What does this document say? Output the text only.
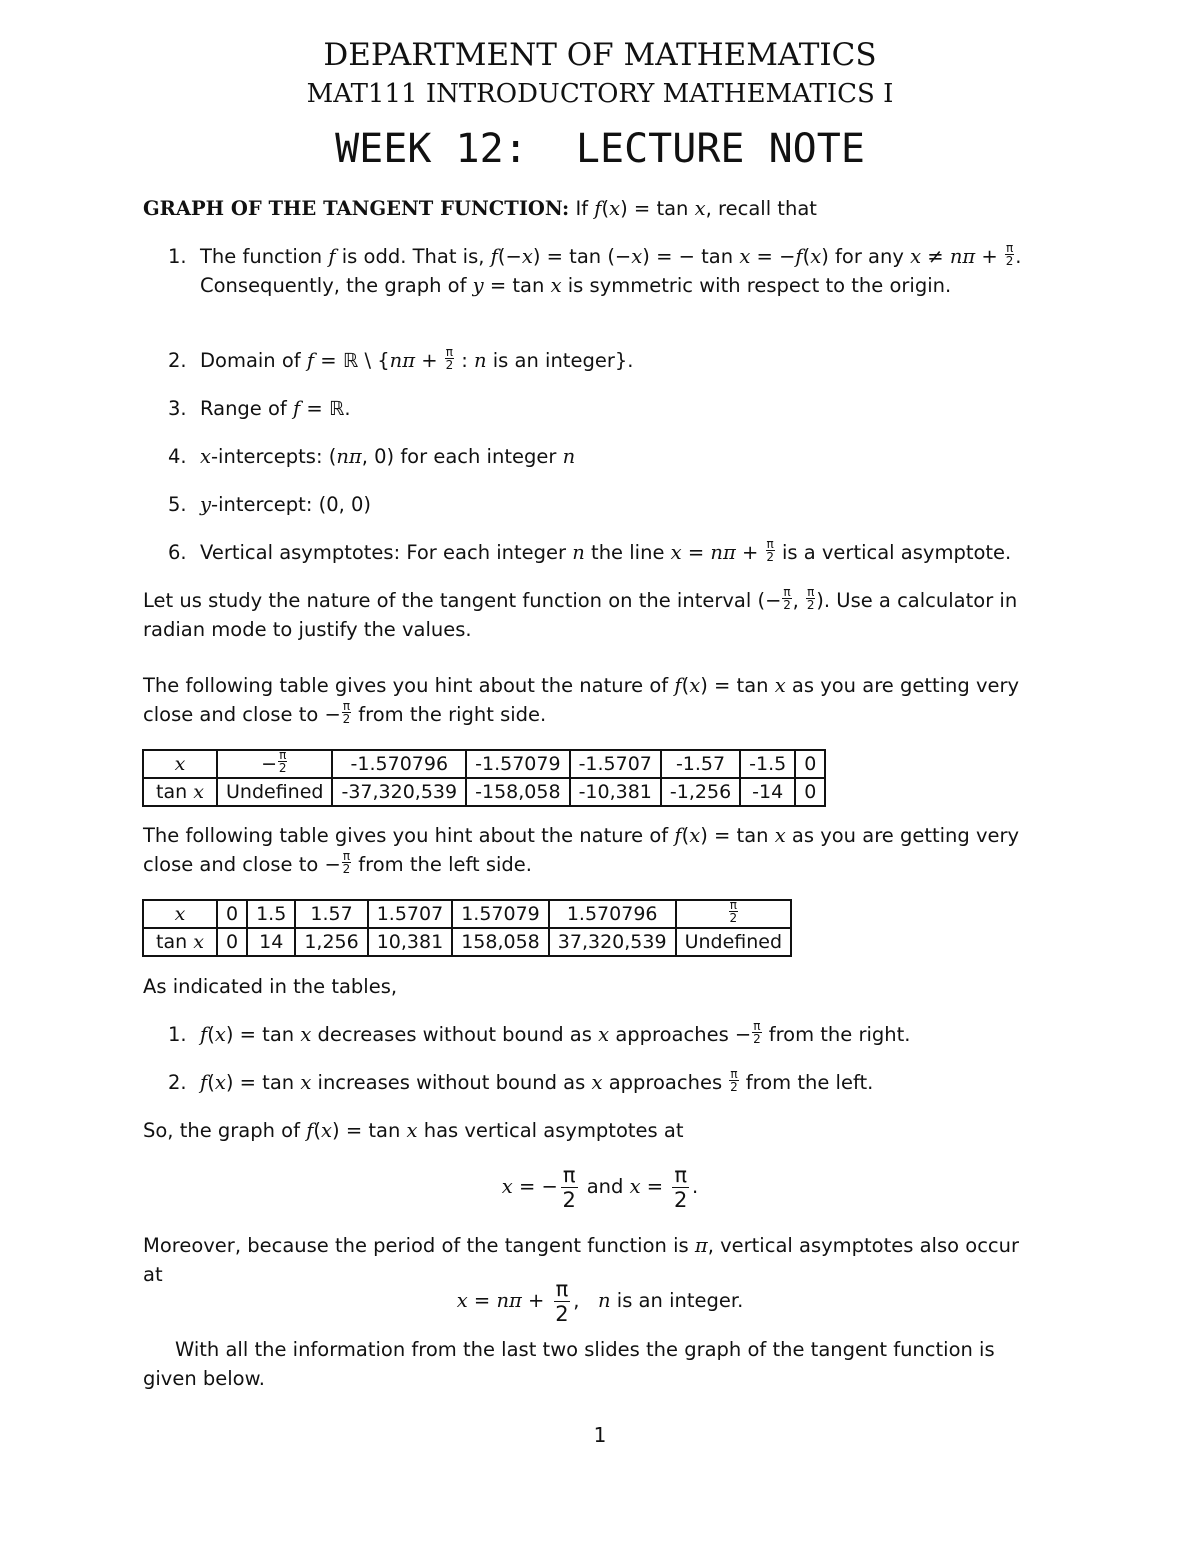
DEPARTMENT OF MATHEMATICS
MAT111 INTRODUCTORY MATHEMATICS I
WEEK 12:  LECTURE NOTE
GRAPH OF THE TANGENT FUNCTION: If f(x) = tan x, recall that
1. The function f is odd. That is, f(−x) = tan (−x) = − tan x = −f(x) for any $x \ne n\pi + \frac{\pi}{2}$ . Consequently, the graph of y = tan x is symmetric with respect to the origin.
2. Domain of f = ℝ \ {$n\pi + \frac{\pi}{2}$ : n is an integer}.
3. Range of f = ℝ.
4. x-intercepts: (nπ, 0) for each integer n
5. y-intercept: (0, 0)
6. Vertical asymptotes: For each integer n the line $x = n\pi + \frac{\pi}{2}$ is a vertical asymptote.
Let us study the nature of the tangent function on the interval (− $\frac{\pi}{2}$ , $\frac{\pi}{2}$ ). Use a calculator in radian mode to justify the values.
The following table gives you hint about the nature of f(x) = tan x as you are getting very close and close to − $\frac{\pi}{2}$ from the right side.
x	− $\frac{\pi}{2}$	-1.570796	-1.57079	-1.5707	-1.57	-1.5	0
tan x	Undefined	-37,320,539	-158,058	-10,381	-1,256	-14	0
The following table gives you hint about the nature of f(x) = tan x as you are getting very close and close to − $\frac{\pi}{2}$ from the left side.
x	0	1.5	1.57	1.5707	1.57079	1.570796	$\frac{\pi}{2}$

tan x	0	14	1,256	10,381	158,058	37,320,539	Undefined
As indicated in the tables,
1. f(x) = tan x decreases without bound as x approaches − $\frac{\pi}{2}$ from the right.
2. f(x) = tan x increases without bound as x approaches $\frac{\pi}{2}$ from the left.
So, the graph of f(x) = tan x has vertical asymptotes at
x = − $\frac{\pi}{2}$ and $x = \frac{\pi}{2}$ .
Moreover, because the period of the tangent function is π, vertical asymptotes also occur at
$x = n\pi + \frac{\pi}{2}$ ,   n is an integer.
With all the information from the last two slides the graph of the tangent function is given below.
1
